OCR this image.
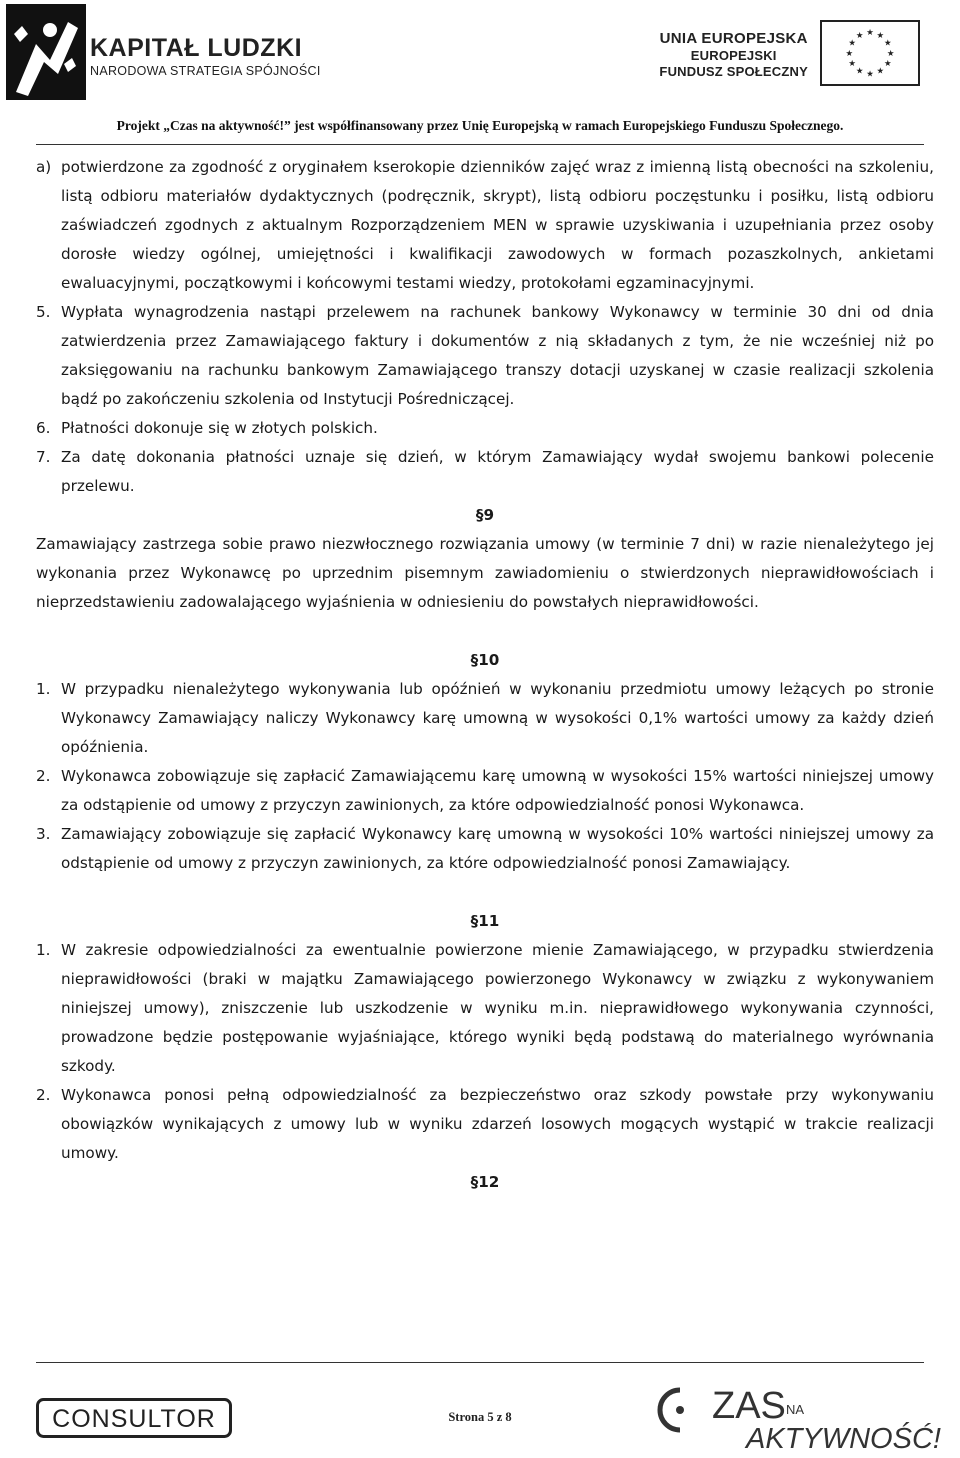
KAPITAŁ LUDZKI
NARODOWA STRATEGIA SPÓJNOŚCI
UNIA EUROPEJSKA
EUROPEJSKI
FUNDUSZ SPOŁECZNY
★ ★
★
★
★
★
★
★
★
★
★
★
Projekt „Czas na aktywność!” jest współfinansowany przez Unię Europejską w ramach Europejskiego Funduszu Społecznego.

a) potwierdzone za zgodność z oryginałem kserokopie dzienników zajęć wraz z imienną listą obecności na szkoleniu, listą odbioru materiałów dydaktycznych (podręcznik, skrypt), listą odbioru poczęstunku i posiłku, listą odbioru zaświadczeń zgodnych z aktualnym Rozporządzeniem MEN w sprawie uzyskiwania i uzupełniania przez osoby dorosłe wiedzy ogólnej, umiejętności i kwalifikacji zawodowych w formach pozaszkolnych, ankietami ewaluacyjnymi, początkowymi i końcowymi testami wiedzy, protokołami egzaminacyjnymi.

5. Wypłata wynagrodzenia nastąpi przelewem na rachunek bankowy Wykonawcy w terminie 30 dni od dnia zatwierdzenia przez Zamawiającego faktury i dokumentów z nią składanych z tym, że nie wcześniej niż po zaksięgowaniu na rachunku bankowym Zamawiającego transzy dotacji uzyskanej w czasie realizacji szkolenia bądź po zakończeniu szkolenia od Instytucji Pośredniczącej.

6. Płatności dokonuje się w złotych polskich.

7. Za datę dokonania płatności uznaje się dzień, w którym Zamawiający wydał swojemu bankowi polecenie przelewu.

§9

Zamawiający zastrzega sobie prawo niezwłocznego rozwiązania umowy (w terminie 7 dni) w razie nienależytego jej wykonania przez Wykonawcę po uprzednim pisemnym zawiadomieniu o stwierdzonych nieprawidłowościach i nieprzedstawieniu zadowalającego wyjaśnienia w odniesieniu do powstałych nieprawidłowości.

§10

1. W przypadku nienależytego wykonywania lub opóźnień w wykonaniu przedmiotu umowy leżących po stronie Wykonawcy Zamawiający naliczy Wykonawcy karę umowną w wysokości 0,1% wartości umowy za każdy dzień opóźnienia.

2. Wykonawca zobowiązuje się zapłacić Zamawiającemu karę umowną w wysokości 15% wartości niniejszej umowy za odstąpienie od umowy z przyczyn zawinionych, za które odpowiedzialność ponosi Wykonawca.

3. Zamawiający zobowiązuje się zapłacić Wykonawcy karę umowną w wysokości 10% wartości niniejszej umowy za odstąpienie od umowy z przyczyn zawinionych, za które odpowiedzialność ponosi Zamawiający.

§11

1. W zakresie odpowiedzialności za ewentualnie powierzone mienie Zamawiającego, w przypadku stwierdzenia nieprawidłowości (braki w majątku Zamawiającego powierzonego Wykonawcy w związku z wykonywaniem niniejszej umowy), zniszczenie lub uszkodzenie w wyniku m.in. nieprawidłowego wykonywania czynności, prowadzone będzie postępowanie wyjaśniające, którego wyniki będą podstawą do materialnego wyrównania szkody.

2. Wykonawca ponosi pełną odpowiedzialność za bezpieczeństwo oraz szkody powstałe przy wykonywaniu obowiązków wynikających z umowy lub w wyniku zdarzeń losowych mogących wystąpić w trakcie realizacji umowy.

§12

CONSULTOR	Strona 5 z 8	ZAS NA
AKTYWNOŚĆ!
